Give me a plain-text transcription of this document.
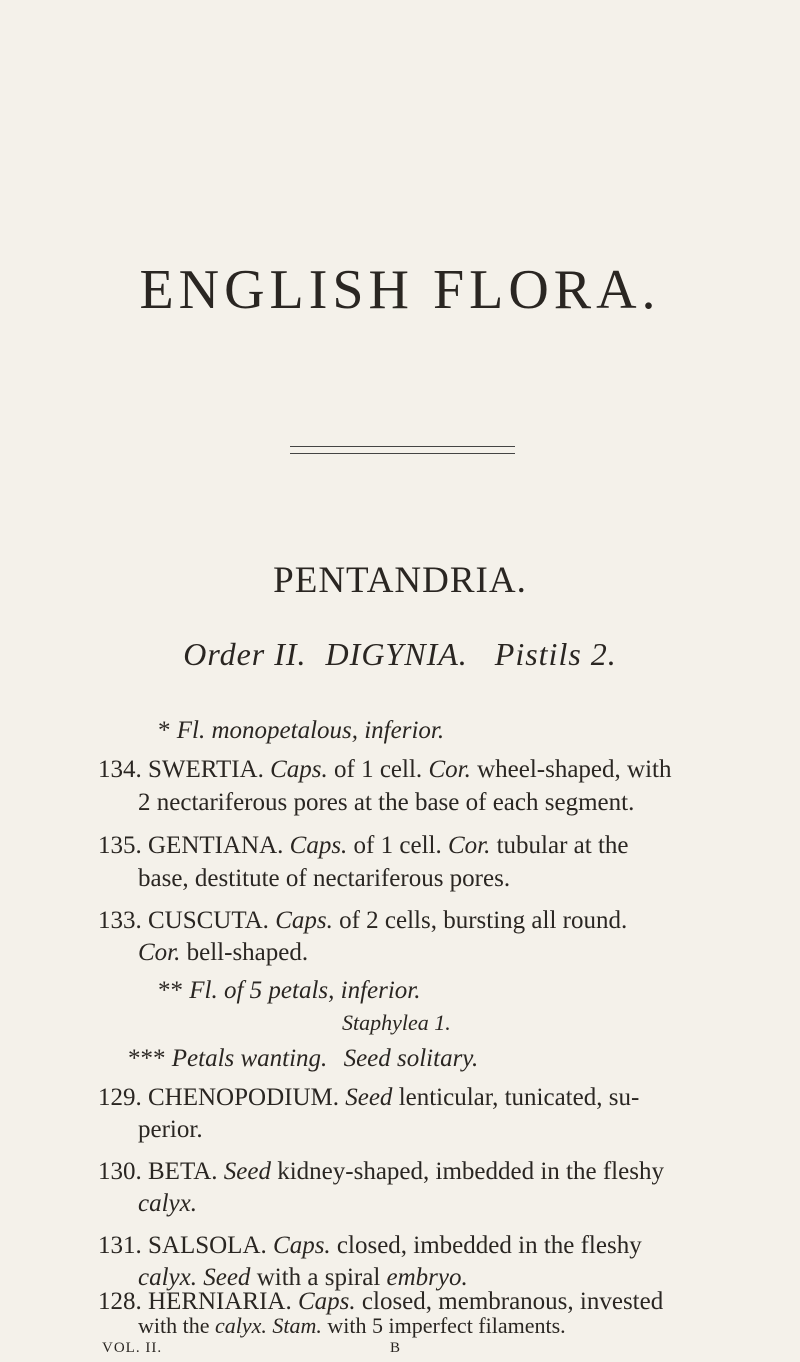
ENGLISH FLORA.
PENTANDRIA.
Order II. DIGYNIA. Pistils 2.
* Fl. monopetalous, inferior.
134. SWERTIA. Caps. of 1 cell. Cor. wheel-shaped, with
2 nectariferous pores at the base of each segment.
135. GENTIANA. Caps. of 1 cell. Cor. tubular at the
base, destitute of nectariferous pores.
133. CUSCUTA. Caps. of 2 cells, bursting all round.
Cor. bell-shaped.
** Fl. of 5 petals, inferior.
Staphylea 1.
*** Petals wanting. Seed solitary.
129. CHENOPODIUM. Seed lenticular, tunicated, su-
perior.
130. BETA. Seed kidney-shaped, imbedded in the fleshy
calyx.
131. SALSOLA. Caps. closed, imbedded in the fleshy
calyx. Seed with a spiral embryo.
128. HERNIARIA. Caps. closed, membranous, invested
with the calyx. Stam. with 5 imperfect filaments.
VOL. II.	B
